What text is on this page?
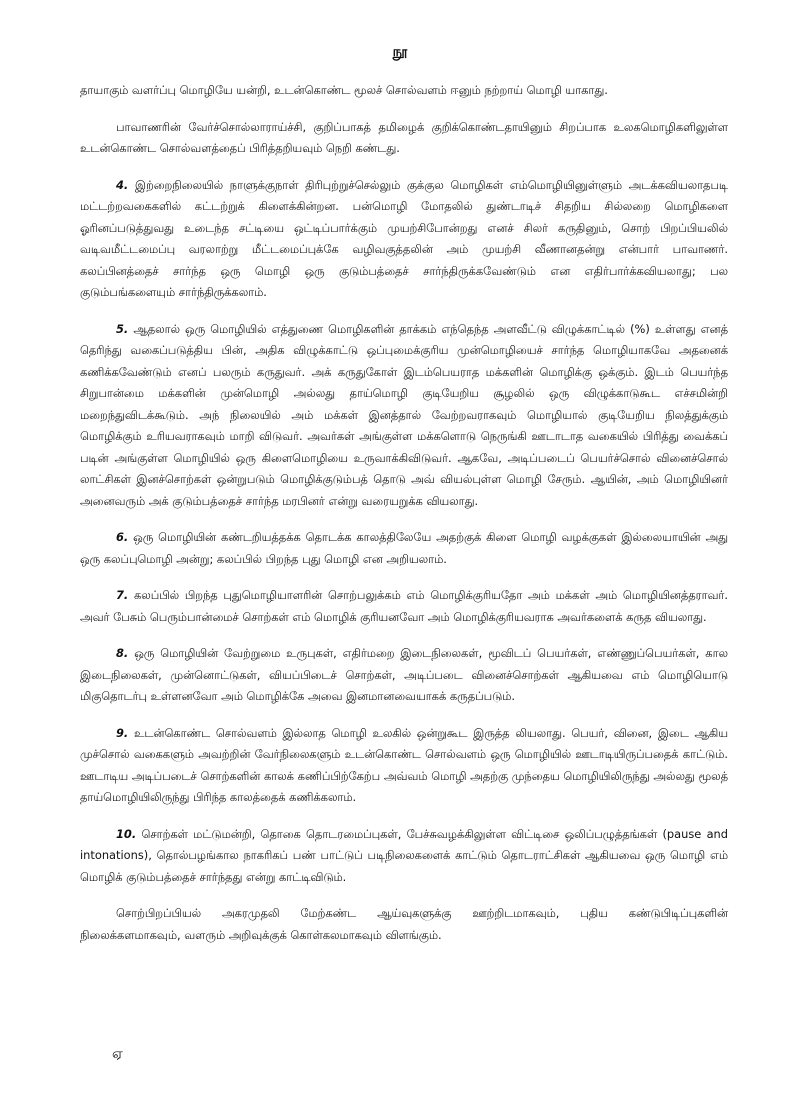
நூ

தாயாகும் வளர்ப்பு மொழியே யன்றி, உடன்கொண்ட மூலச் சொல்வளம் ஈனும் நற்றாய் மொழி யாகாது.

பாவாணரின் வேர்ச்சொல்லாராய்ச்சி, குறிப்பாகத் தமிழைக் குறிக்கொண்டதாயினும் சிறப்பாக உலகமொழிகளிலுள்ள உடன்கொண்ட சொல்வளத்தைப் பிரித்தறியவும் நெறி கண்டது.

4. இற்றைநிலையில் நாளுக்குநாள் திரிபுற்றுச்செல்லும் குக்குல மொழிகள் எம்மொழியினுள்ளும் அடக்கவியலாதபடி மட்டற்றவகைகளில் கட்டற்றுக் கிளைக்கின்றன. பன்மொழி மோதலில் துண்டாடிச் சிதறிய சில்லறை மொழிகளை ஓரினப்படுத்துவது உடைந்த சட்டியை ஒட்டிப்பார்க்கும் முயற்சிபோன்றது எனச் சிலர் கருதினும், சொற் பிறப்பியலில் வடிவமீட்டமைப்பு வரலாற்று மீட்டமைப்புக்கே வழிவகுத்தலின் அம் முயற்சி வீணானதன்று என்பார் பாவாணர். கலப்பினத்தைச் சார்ந்த ஒரு மொழி ஒரு குடும்பத்தைச் சார்ந்திருக்கவேண்டும் என எதிர்பார்க்கவியலாது; பல குடும்பங்களையும் சார்ந்திருக்கலாம்.

5. ஆதலால் ஒரு மொழியில் எத்துணை மொழிகளின் தாக்கம் எந்தெந்த அளவீட்டு விழுக்காட்டில் (%) உள்ளது எனத் தெரிந்து வகைப்படுத்திய பின், அதிக விழுக்காட்டு ஒப்புமைக்குரிய முன்மொழியைச் சார்ந்த மொழியாகவே அதனைக் கணிக்கவேண்டும் எனப் பலரும் கருதுவர். அக் கருதுகோள் இடம்பெயராத மக்களின் மொழிக்கு ஒக்கும். இடம் பெயர்ந்த சிறுபான்மை மக்களின் முன்மொழி அல்லது தாய்மொழி குடியேறிய சூழலில் ஒரு விழுக்காடுகூட எச்சமின்றி மறைந்துவிடக்கூடும். அந் நிலையில் அம் மக்கள் இனத்தால் வேற்றவராகவும் மொழியால் குடியேறிய நிலத்துக்கும் மொழிக்கும் உரியவராகவும் மாறி விடுவர். அவர்கள் அங்குள்ள மக்களொடு நெருங்கி ஊடாடாத வகையில் பிரித்து வைக்கப் படின் அங்குள்ள மொழியில் ஒரு கிளைமொழியை உருவாக்கிவிடுவர். ஆகவே, அடிப்படைப் பெயர்ச்சொல் வினைச்சொல் லாட்சிகள் இனச்சொற்கள் ஒன்றுபடும் மொழிக்குடும்பத் தொடு அவ் வியல்புள்ள மொழி சேரும். ஆயின், அம் மொழியினர் அனைவரும் அக் குடும்பத்தைச் சார்ந்த மரபினர் என்று வரையறுக்க வியலாது.

6. ஒரு மொழியின் கண்டறியத்தக்க தொடக்க காலத்திலேயே அதற்குக் கிளை மொழி வழக்குகள் இல்லையாயின் அது ஒரு கலப்புமொழி அன்று; கலப்பில் பிறந்த புது மொழி என அறியலாம்.

7. கலப்பில் பிறந்த புதுமொழியாளரின் சொற்பலுக்கம் எம் மொழிக்குரியதோ அம் மக்கள் அம் மொழியினத்தராவர். அவர் பேசும் பெரும்பான்மைச் சொற்கள் எம் மொழிக் குரியனவோ அம் மொழிக்குரியவராக அவர்களைக் கருத வியலாது.

8. ஒரு மொழியின் வேற்றுமை உருபுகள், எதிர்மறை இடைநிலைகள், மூவிடப் பெயர்கள், எண்ணுப்பெயர்கள், கால இடைநிலைகள், முன்னொட்டுகள், வியப்பிடைச் சொற்கள், அடிப்படை வினைச்சொற்கள் ஆகியவை எம் மொழியொடு மிகுதொடர்பு உள்ளனவோ அம் மொழிக்கே அவை இனமானவையாகக் கருதப்படும்.

9. உடன்கொண்ட சொல்வளம் இல்லாத மொழி உலகில் ஒன்றுகூட இருத்த லியலாது. பெயர், வினை, இடை ஆகிய முச்சொல் வகைகளும் அவற்றின் வேர்நிலைகளும் உடன்கொண்ட சொல்வளம் ஒரு மொழியில் ஊடாடியிருப்பதைக் காட்டும். ஊடாடிய அடிப்படைச் சொற்களின் காலக் கணிப்பிற்கேற்ப அவ்வம் மொழி அதற்கு முந்தைய மொழியிலிருந்து அல்லது மூலத் தாய்மொழியிலிருந்து பிரிந்த காலத்தைக் கணிக்கலாம்.

10. சொற்கள் மட்டுமன்றி, தொகை தொடரமைப்புகள், பேச்சுவழக்கிலுள்ள விட்டிசை ஒலிப்பழுத்தங்கள் (pause and intonations), தொல்பழங்கால நாகரிகப் பண் பாட்டுப் படிநிலைகளைக் காட்டும் தொடராட்சிகள் ஆகியவை ஒரு மொழி எம் மொழிக் குடும்பத்தைச் சார்ந்தது என்று காட்டிவிடும்.

சொற்பிறப்பியல் அகரமுதலி மேற்கண்ட ஆய்வுகளுக்கு ஊற்றிடமாகவும், புதிய கண்டுபிடிப்புகளின் நிலைக்களமாகவும், வளரும் அறிவுக்குக் கொள்கலமாகவும் விளங்கும்.

ஏ
